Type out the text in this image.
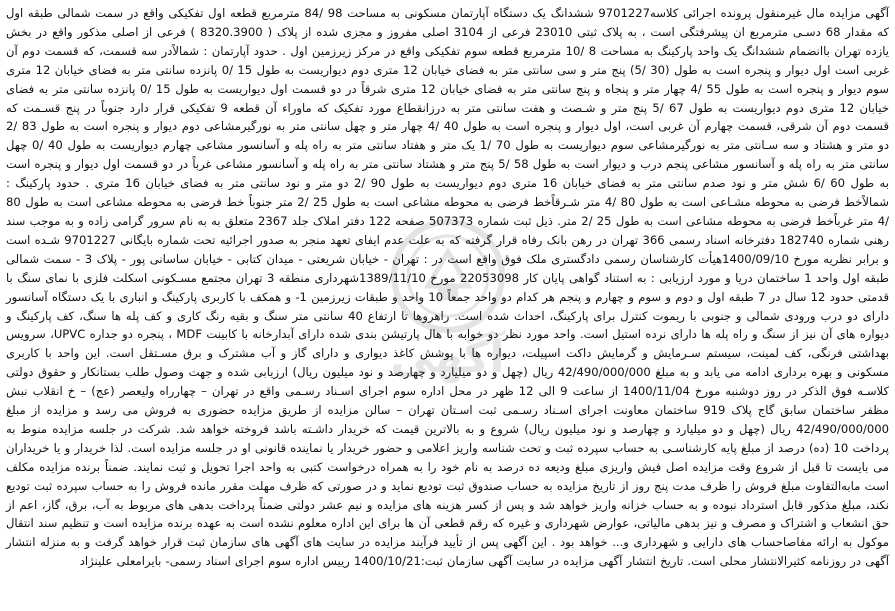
آگهی مزایده مال غیرمنقول پرونده اجرائی کلاسه9701227 ششدانگ یک دستگاه آپارتمان مسکونی به مساحت 98 /84 مترمربع قطعه اول تفکیکی واقع در سمت شمالی طبقه اول که مقدار 68 دسـی مترمربع ان پیشرفتگی است ، به پلاک ثبتی 23010 فرعی از 3104 اصلی مفروز و مجزی شده از پلاک ( 8320.3900 ) فرعی از اصلی مذکور واقع در بخش یازده تهران باانضمام ششدانگ یک واحد پارکینگ به مساحت 8 /10 مترمربع قطعه سوم تفکیکی واقع در مرکز زیرزمین اول . حدود آپارتمان : شمالاًدر سه قسمت، که قسمت دوم آن غربی است اول دیوار و پنجره است به طول (30 /5) پنج متر و سی سانتی متر به فضای خیابان 12 متری دوم دیواریست به طول 15 /0 پانزده سانتی متر به فضای خیابان 12 متری سوم دیوار و پنجره است به طول 55 /4 چهار متر و پنجاه و پنج سانتی متر به فضای خیابان 12 متری شرقاً در دو قسمت اول دیواریست به طول 15 /0 پانزده سانتی متر به فضای خیابان 12 متری دوم دیواریست به طول 67 /5 پنج متر و شـصت و هفت سانتی متر به درزانقطاع مورد تفکیک که ماوراء آن قطعه 9 تفکیکی قرار دارد جنوباً در پنج قسـمت که قسمت دوم آن شرقی، قسمت چهارم آن غربی است، اول دیوار و پنجره است به طول 40 /4 چهار متر و چهل سانتی متر به نورگیرمشاعی دوم دیوار و پنجره است به طول 83 /2 دو متر و هشتاد و سه سـانتی متر به نورگیرمشاعی سوم دیواریست به طول 70 /1 یک متر و هفتاد سانتی متر به راه پله و آسانسور مشاعی چهارم دیواریست به طول 40 /0 چهل سانتی متر به راه پله و آسانسور مشاعی پنجم درب و دیوار است به طول 58 /5 پنج متر و هشتاد سانتی متر به راه پله و آسانسور مشاعی غرباً در دو قسمت اول دیوار و پنجره است به طول 60 /6 شش متر و نود صدم سانتی متر به فضای خیابان 16 متری دوم دیواریست به طول 90 /2 دو متر و نود سانتی متر به فضای خیابان 16 متری . حدود پارکینگ : شمالاًخط فرضی به محوطه مشـاعی است به طول 80 /4 متر شـرقاًخط فرضی به محوطه مشاعی است به طول 25 /2 متر جنوباً خط فرضی به محوطه مشاعی است به طول 80 /4 متر غرباًخط فرضی به محوطه مشاعی است به طول 25 /2 متر. ذیل ثبت شماره 507373 صفحه 122 دفتر املاک جلد 2367 متعلق به به نام سرور گرامی زاده و به موجب سند رهنی شماره 182740 دفترخانه اسناد رسمی 366 تهران در رهن بانک رفاه قرار گرفته که به علت عدم ایفای تعهد منجر به صدور اجرائیه تحت شماره بایگانی 9701227 شـده است و برابر نظریه مورخ 1400/09/10هیأت کارشناسان رسمی دادگستری ملک فوق واقع است در : تهران - خیابان شریعتی - میدان کتابی - خیابان ساسانی پور - پلاک 3 - سمت شمالی طبقه اول واحد 1 ساختمان دریا و مورد ارزیابی : به استناد گواهی پایان کار 22053098 مورخ 1389/11/10شهرداری منطقه 3 تهران مجتمع مسـکونی اسکلت فلزی با نمای سنگ با قدمتی حدود 12 سال در 7 طبقه اول و دوم و سوم و چهارم و پنجم هر کدام دو واحد جمعاً 10 واحد و طبقات زیرزمین 1- و همکف با کاربری پارکینگ و انباری با یک دستگاه آسانسور دارای دو درب ورودی شمالی و جنوبی با ریموت کنترل برای پارکینگ، احداث شده است. راهروها تا ارتفاع 40 سانتی متر سنگ و بقیه رنگ کاری و کف پله ها سنگ، کف پارکینگ و دیواره های آن نیز از سنگ و راه پله ها دارای نرده استیل است. واحد مورد نظر دو خوابه با هال پارتیشن بندی شده دارای آبدارخانه با کابینت MDF ، پنجره دو جداره UPVC، سرویس بهداشتی فرنگی، کف لمینت، سیستم سـرمایش و گرمایش داکت اسپیلت، دیواره ها با پوشش کاغذ دیواری و دارای گاز و آب مشترک و برق مسـتقل است. این واحد با کاربری مسکونی و بهره برداری ادامه می یابد و به مبلغ 42/490/000/000 ریال (چهل و دو میلیارد و چهارصد و نود میلیون ریال) ارزیابی شده و جهت وصول طلب بستانکار و حقوق دولتی کلاسـه فوق الذکر در روز دوشنبه مورخ 1400/11/04 از ساعت 9 الی 12 ظهر در محل اداره سوم اجرای اسـناد رسـمی واقع در تهران – چهارراه ولیعصر (عج) – خ انقلاب نبش مظفر ساختمان سابق گاج پلاک 919 ساختمان معاونت اجرای اسـناد رسـمی ثبت اسـتان تهران – سالن مزایده از طریق مزایده حضوری به فروش می رسد و مزایده از مبلغ 42/490/000/000 ریال (چهل و دو میلیارد و چهارصد و نود میلیون ریال) شروع و به بالاترین قیمت که خریدار داشـته باشد فروخته خواهد شد. شرکت در جلسه مزایده منوط به پرداخت 10 (ده) درصد از مبلغ پایه کارشناسـی به حساب سپرده ثبت و تحت شناسه واریز اعلامی و حضور خریدار یا نماینده قانونی او در جلسه مزایده است. لذا خریدار و یا خریداران می بایست تا قبل از شروع وقت مزایده اصل فیش واریزی مبلغ ودیعه ده درصد به نام خود را به همراه درخواست کتبی به واحد اجرا تحویل و ثبت نمایند. ضمناً برنده مزایده مکلف است مابه‌التفاوت مبلغ فروش را ظرف مدت پنج روز از تاریخ مزایده به حساب صندوق ثبت تودیع نماید و در صورتی که ظرف مهلت مقرر مانده فروش را به حساب سپرده ثبت تودیع نکند، مبلغ مذکور قابل استرداد نبوده و به حساب خزانه واریز خواهد شد و پس از کسر هزینه های مزایده و نیم عشر دولتی ضمناً پرداخت بدهی های مربوط به آب، برق، گاز، اعم از حق انشعاب و اشتراک و مصرف و نیز بدهی مالیاتی، عوارض شهرداری و غیره که رقم قطعی آن ها برای این اداره معلوم نشده است به عهده برنده مزایده است و تنظیم سند انتقال موکول به ارائه مفاصاحساب های دارایی و شهرداری و... خواهد بود . این آگهی پس از تأیید فرآیند مزایده در سایت های آگهی های سازمان ثبت قرار خواهد گرفت و به منزله انتشار آگهی در روزنامه کثیرالانتشار محلی است. تاریخ انتشار آگهی مزایده در سایت آگهی سازمان ثبت:1400/10/21 رییس اداره سوم اجرای اسناد رسمی- بایرامعلی علینژاد

آگهی
